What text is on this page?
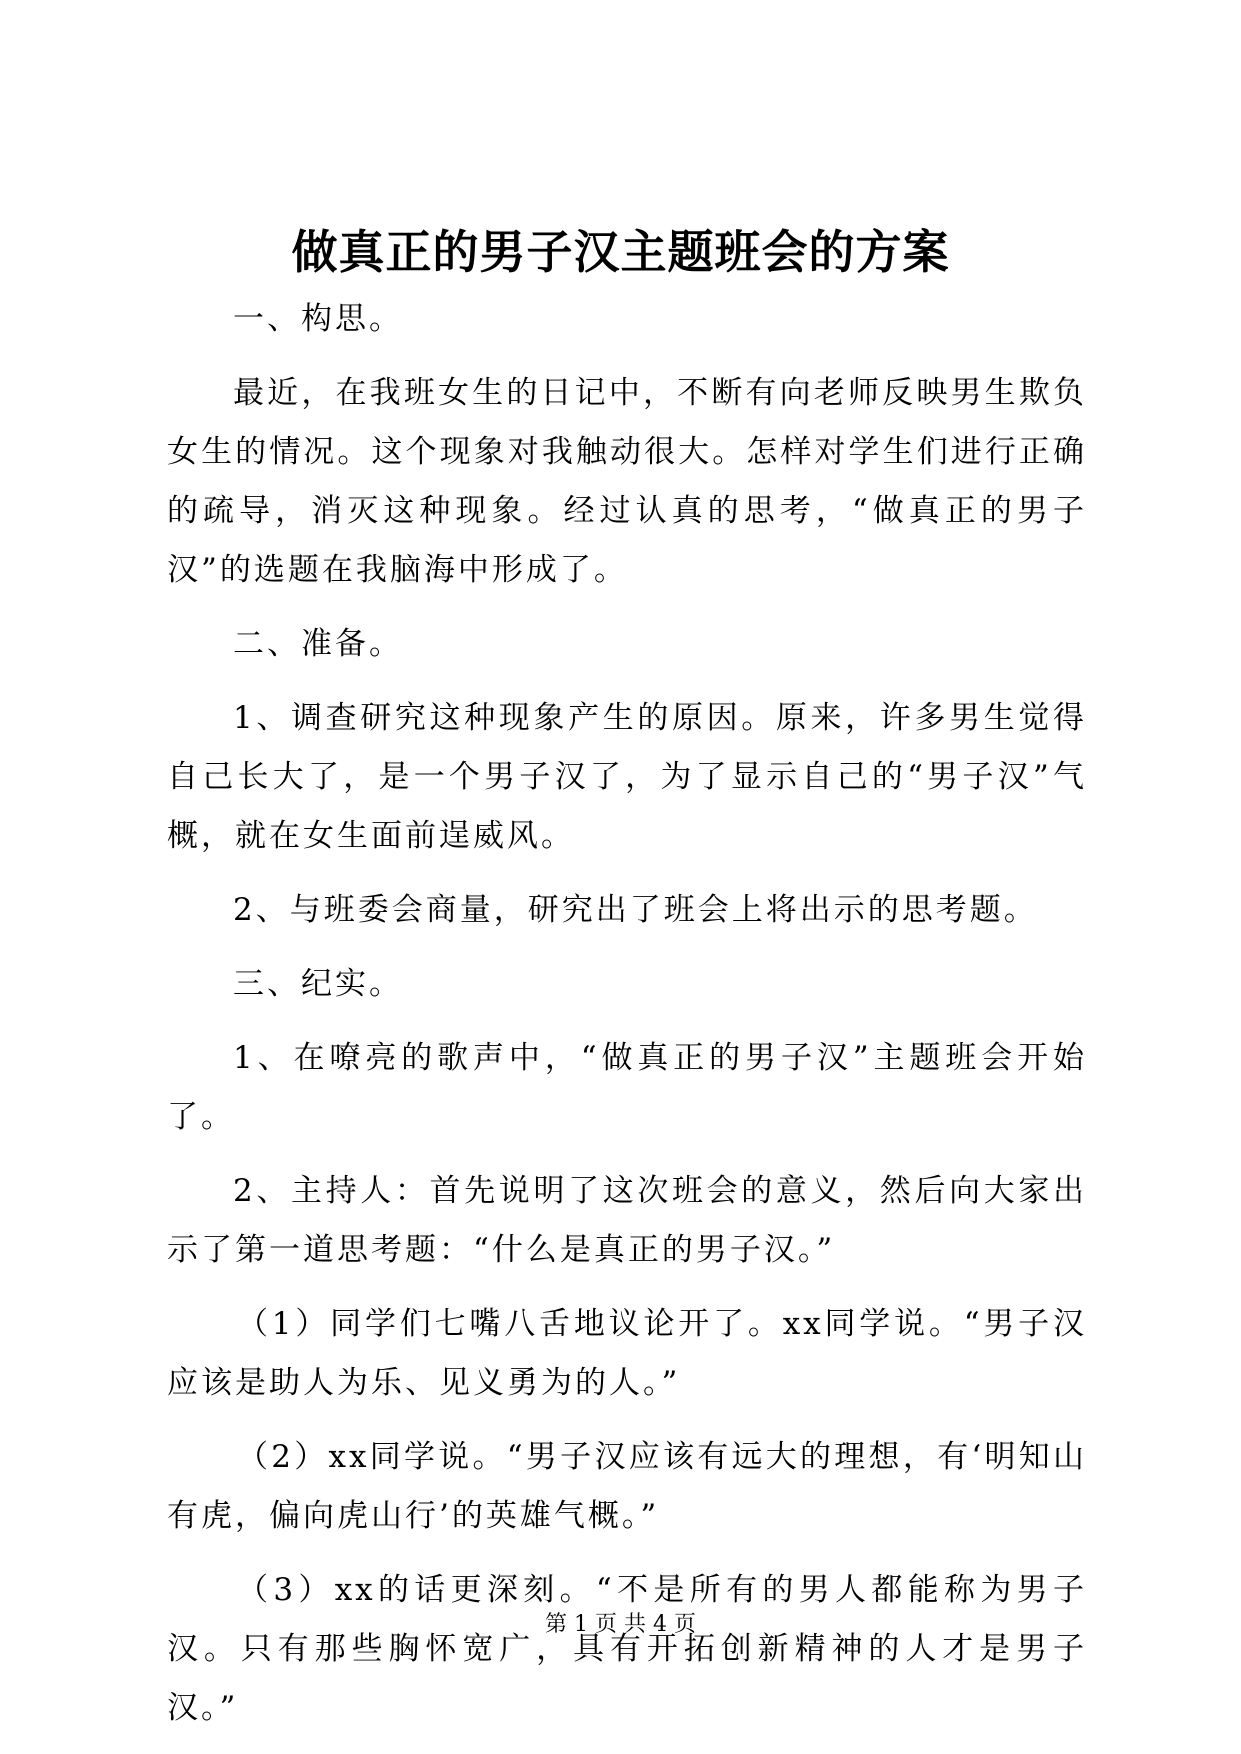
做真正的男子汉主题班会的方案

一、构思。

最近，在我班女生的日记中，不断有向老师反映男生欺负女生的情况。这个现象对我触动很大。怎样对学生们进行正确的疏导，消灭这种现象。经过认真的思考，“做真正的男子汉”的选题在我脑海中形成了。

二、准备。

1、调查研究这种现象产生的原因。原来，许多男生觉得自己长大了，是一个男子汉了，为了显示自己的“男子汉”气概，就在女生面前逞威风。

2、与班委会商量，研究出了班会上将出示的思考题。

三、纪实。

1、在嘹亮的歌声中，“做真正的男子汉”主题班会开始了。

2、主持人：首先说明了这次班会的意义，然后向大家出示了第一道思考题：“什么是真正的男子汉。”

（1）同学们七嘴八舌地议论开了。xx同学说。“男子汉应该是助人为乐、见义勇为的人。”

（2）xx同学说。“男子汉应该有远大的理想，有‘明知山有虎，偏向虎山行’的英雄气概。”

（3）xx的话更深刻。“不是所有的男人都能称为男子汉。只有那些胸怀宽广，具有开拓创新精神的人才是男子汉。”

第 1 页 共 4 页
